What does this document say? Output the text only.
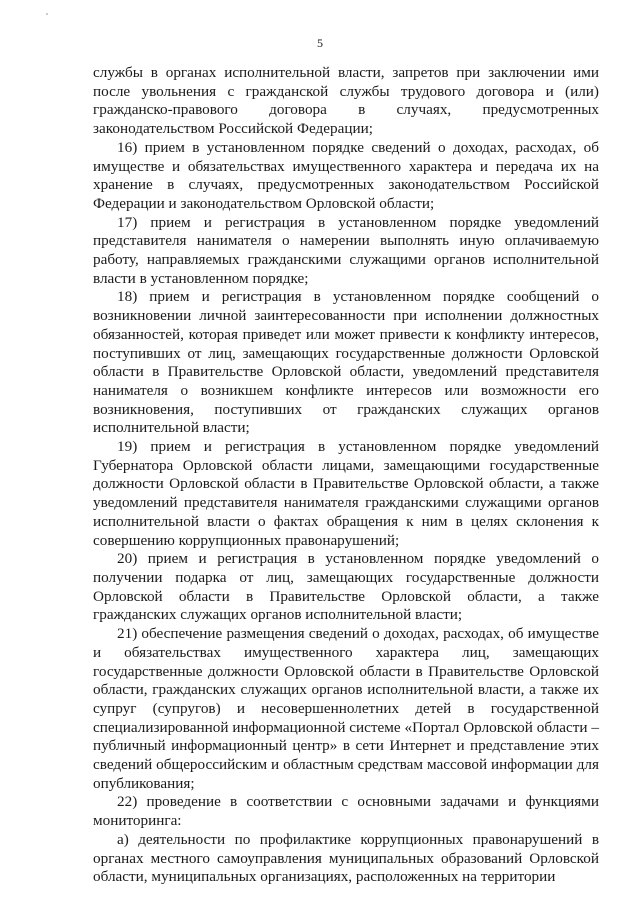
5

службы в органах исполнительной власти, запретов при заключении ими после увольнения с гражданской службы трудового договора и (или) гражданско-правового договора в случаях, предусмотренных законодательством Российской Федерации;

16) прием в установленном порядке сведений о доходах, расходах, об имуществе и обязательствах имущественного характера и передача их на хранение в случаях, предусмотренных законодательством Российской Федерации и законодательством Орловской области;

17) прием и регистрация в установленном порядке уведомлений представителя нанимателя о намерении выполнять иную оплачиваемую работу, направляемых гражданскими служащими органов исполнительной власти в установленном порядке;

18) прием и регистрация в установленном порядке сообщений о возникновении личной заинтересованности при исполнении должностных обязанностей, которая приведет или может привести к конфликту интересов, поступивших от лиц, замещающих государственные должности Орловской области в Правительстве Орловской области, уведомлений представителя нанимателя о возникшем конфликте интересов или возможности его возникновения, поступивших от гражданских служащих органов исполнительной власти;

19) прием и регистрация в установленном порядке уведомлений Губернатора Орловской области лицами, замещающими государственные должности Орловской области в Правительстве Орловской области, а также уведомлений представителя нанимателя гражданскими служащими органов исполнительной власти о фактах обращения к ним в целях склонения к совершению коррупционных правонарушений;

20) прием и регистрация в установленном порядке уведомлений о получении подарка от лиц, замещающих государственные должности Орловской области в Правительстве Орловской области, а также гражданских служащих органов исполнительной власти;

21) обеспечение размещения сведений о доходах, расходах, об имуществе и обязательствах имущественного характера лиц, замещающих государственные должности Орловской области в Правительстве Орловской области, гражданских служащих органов исполнительной власти, а также их супруг (супругов) и несовершеннолетних детей в государственной специализированной информационной системе «Портал Орловской области – публичный информационный центр» в сети Интернет и представление этих сведений общероссийским и областным средствам массовой информации для опубликования;

22) проведение в соответствии с основными задачами и функциями мониторинга:

а) деятельности по профилактике коррупционных правонарушений в органах местного самоуправления муниципальных образований Орловской области, муниципальных организациях, расположенных на территории
